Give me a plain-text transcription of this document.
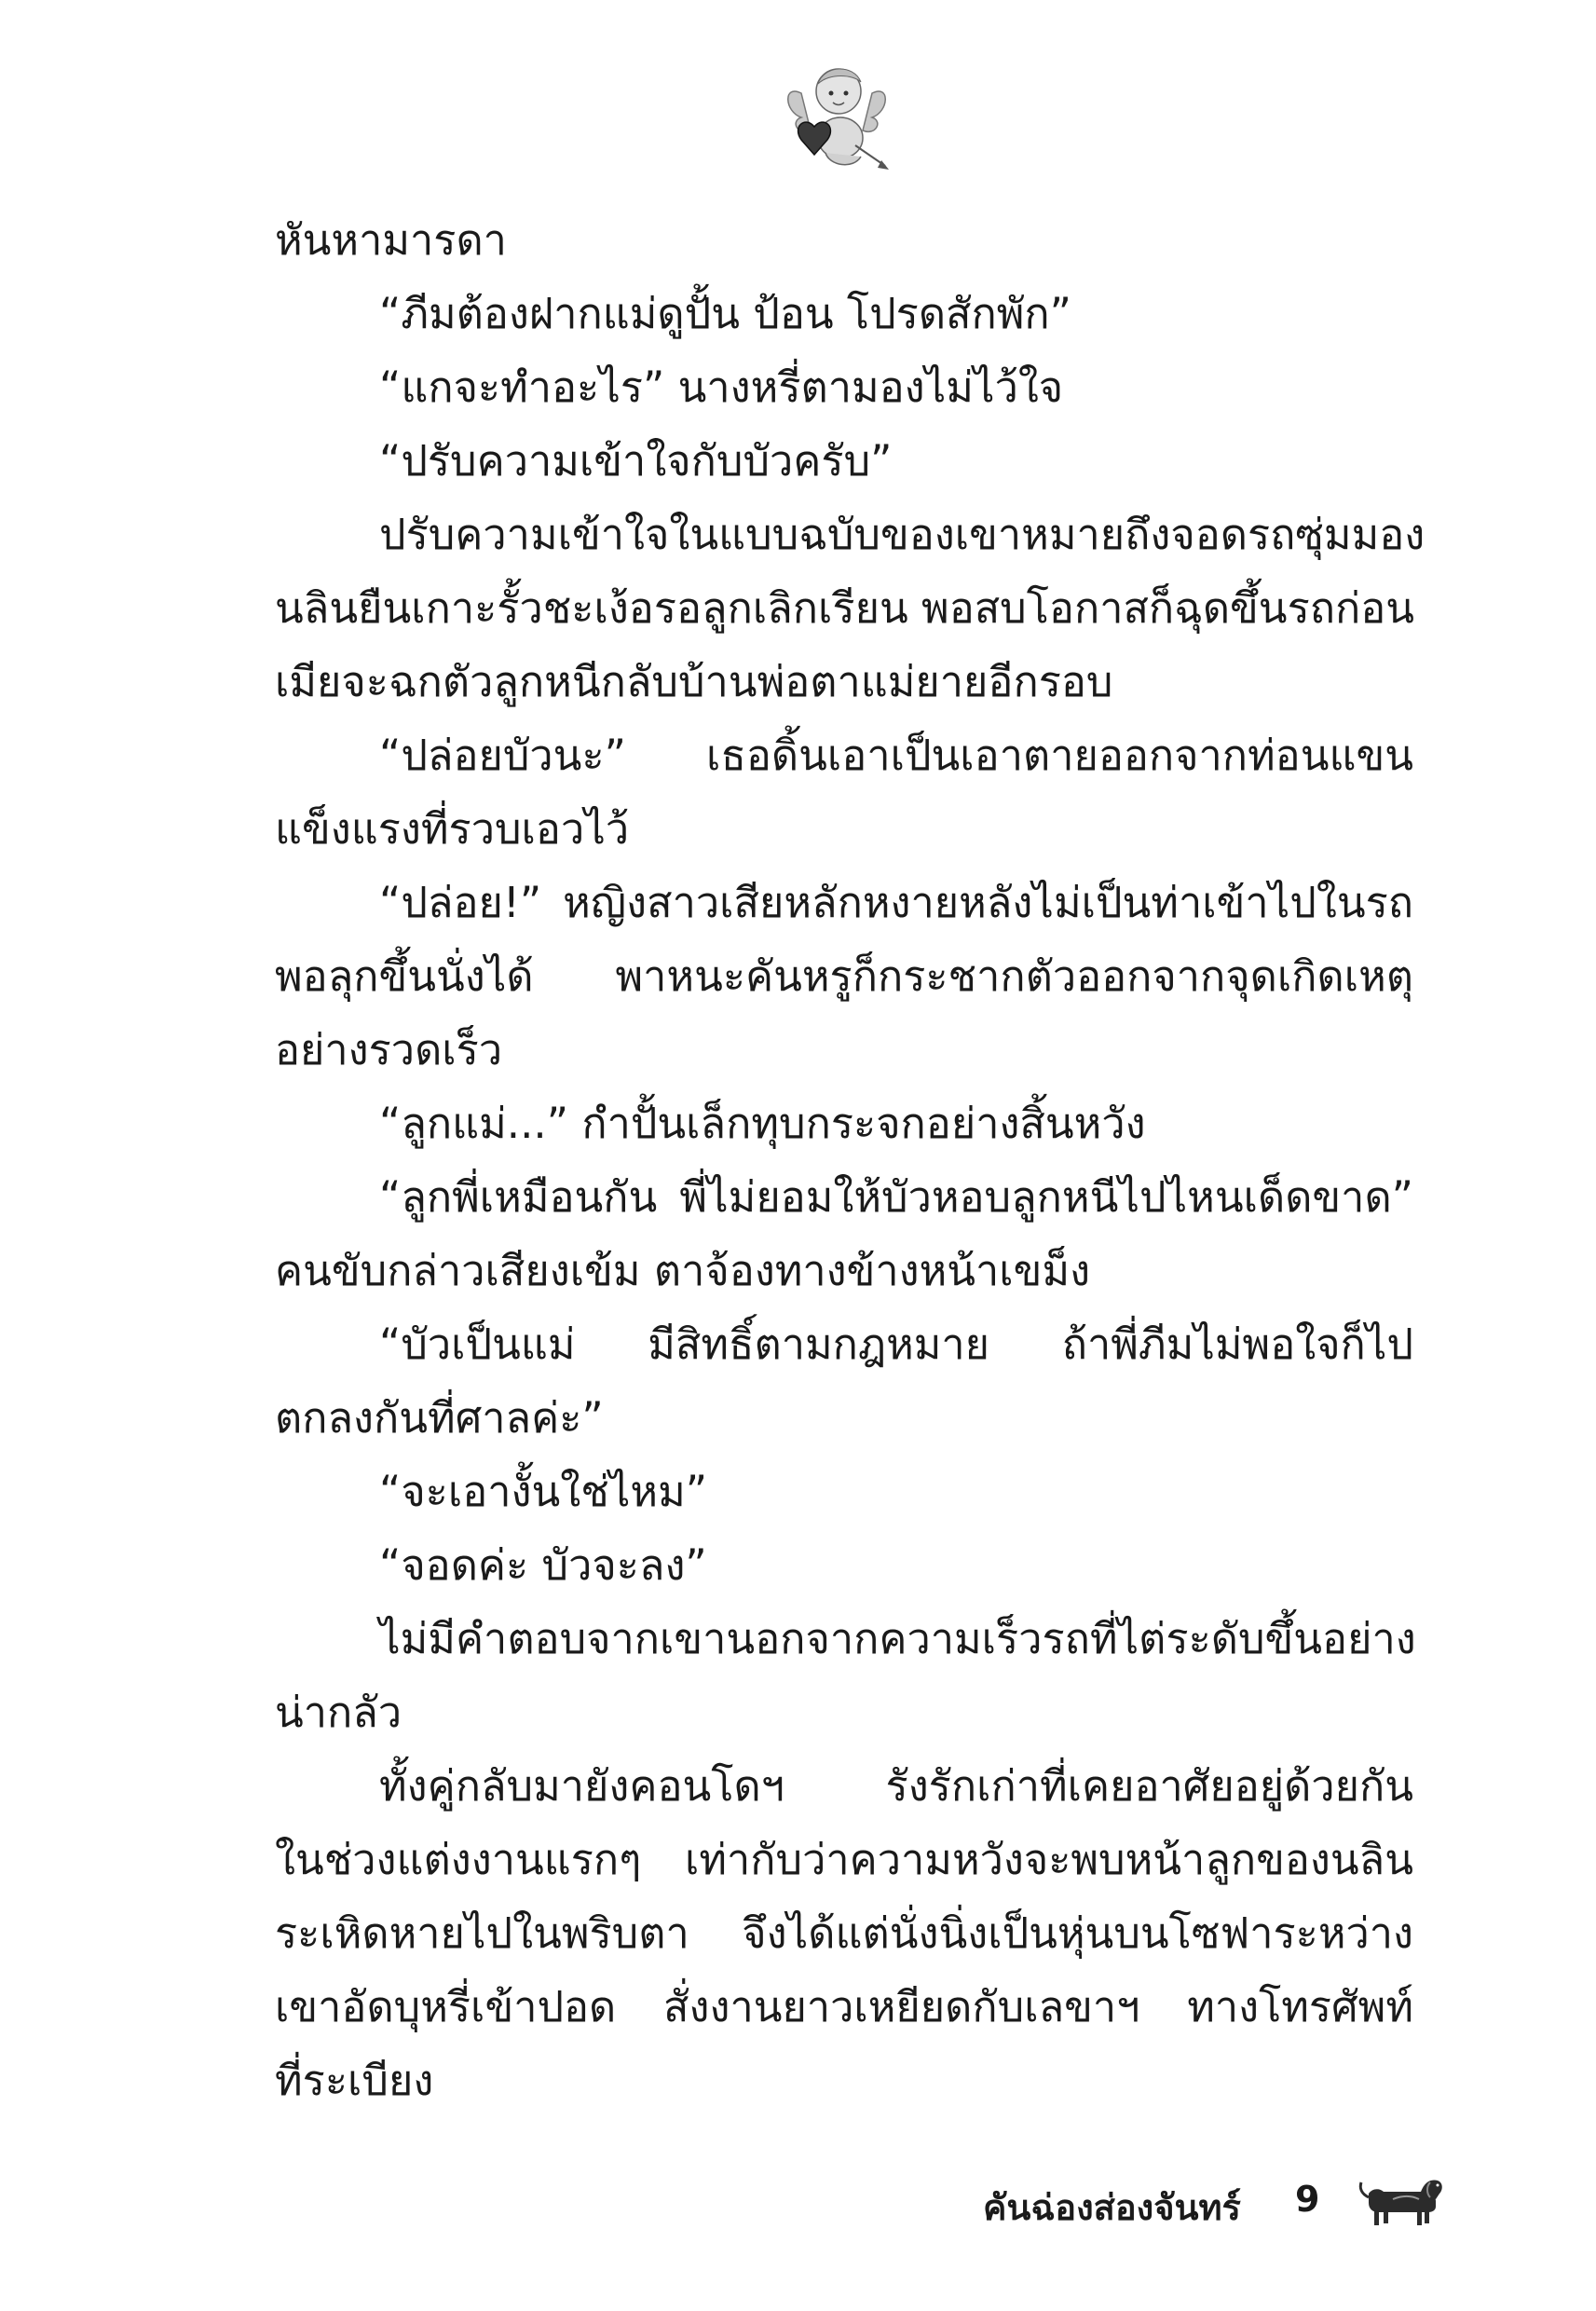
หันหามารดา
“ภีมต้องฝากแม่ดูปั้น ป้อน โปรดสักพัก”
“แกจะทำอะไร” นางหรี่ตามองไม่ไว้ใจ
“ปรับความเข้าใจกับบัวครับ”
ปรับความเข้าใจในแบบฉบับของเขาหมายถึงจอดรถซุ่มมอง
นลินยืนเกาะรั้วชะเง้อรอลูกเลิกเรียน พอสบโอกาสก็ฉุดขึ้นรถก่อน
เมียจะฉกตัวลูกหนีกลับบ้านพ่อตาแม่ยายอีกรอบ
“ปล่อยบัวนะ” เธอดิ้นเอาเป็นเอาตายออกจากท่อนแขน
แข็งแรงที่รวบเอวไว้
“ปล่อย!” หญิงสาวเสียหลักหงายหลังไม่เป็นท่าเข้าไปในรถ
พอลุกขึ้นนั่งได้ พาหนะคันหรูก็กระชากตัวออกจากจุดเกิดเหตุ
อย่างรวดเร็ว
“ลูกแม่...” กำปั้นเล็กทุบกระจกอย่างสิ้นหวัง
“ลูกพี่เหมือนกัน พี่ไม่ยอมให้บัวหอบลูกหนีไปไหนเด็ดขาด”
คนขับกล่าวเสียงเข้ม ตาจ้องทางข้างหน้าเขม็ง
“บัวเป็นแม่ มีสิทธิ์ตามกฎหมาย ถ้าพี่ภีมไม่พอใจก็ไป
ตกลงกันที่ศาลค่ะ”
“จะเอางั้นใช่ไหม”
“จอดค่ะ บัวจะลง”
ไม่มีคำตอบจากเขานอกจากความเร็วรถที่ไต่ระดับขึ้นอย่าง
น่ากลัว
ทั้งคู่กลับมายังคอนโดฯ รังรักเก่าที่เคยอาศัยอยู่ด้วยกัน
ในช่วงแต่งงานแรกๆ เท่ากับว่าความหวังจะพบหน้าลูกของนลิน
ระเหิดหายไปในพริบตา จึงได้แต่นั่งนิ่งเป็นหุ่นบนโซฟาระหว่าง
เขาอัดบุหรี่เข้าปอด สั่งงานยาวเหยียดกับเลขาฯ ทางโทรศัพท์
ที่ระเบียง
คันฉ่องส่องจันทร์ 9
